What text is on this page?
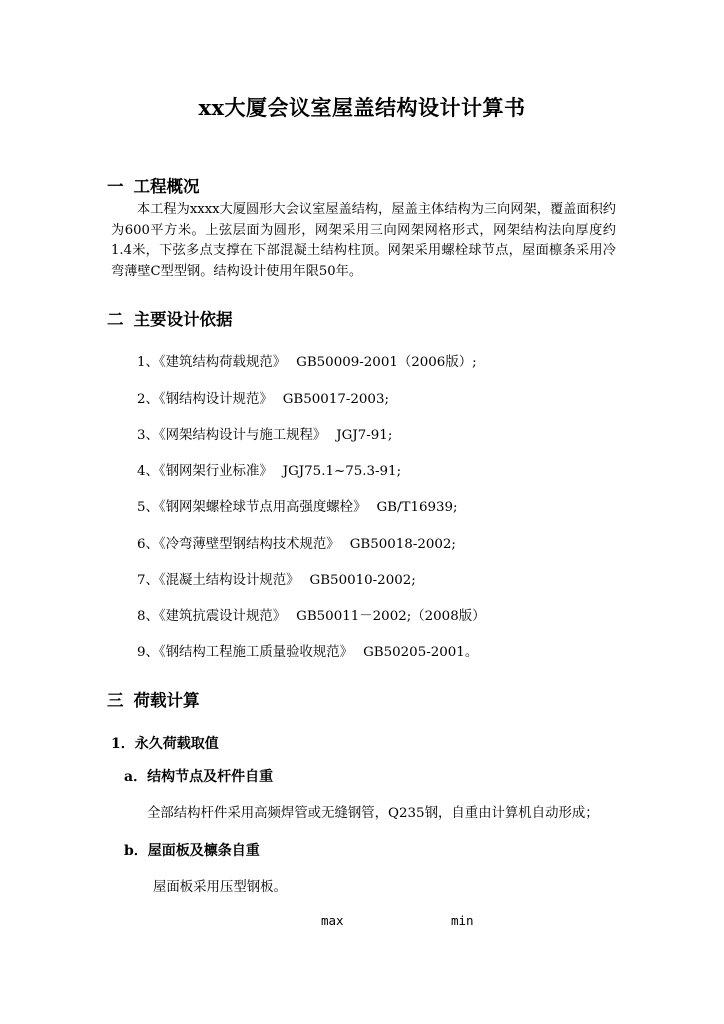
xx大厦会议室屋盖结构设计计算书
一 工程概况
本工程为xxxx大厦圆形大会议室屋盖结构，屋盖主体结构为三向网架，覆盖面积约为600平方米。上弦层面为圆形，网架采用三向网架网格形式，网架结构法向厚度约1.4米，下弦多点支撑在下部混凝土结构柱顶。网架采用螺栓球节点，屋面檩条采用冷弯薄壁C型型钢。结构设计使用年限50年。
二 主要设计依据
1、《建筑结构荷载规范》 GB50009-2001（2006版）;
2、《钢结构设计规范》 GB50017-2003;
3、《网架结构设计与施工规程》 JGJ7-91;
4、《钢网架行业标准》 JGJ75.1~75.3-91;
5、《钢网架螺栓球节点用高强度螺栓》 GB/T16939;
6、《冷弯薄壁型钢结构技术规范》 GB50018-2002;
7、《混凝土结构设计规范》 GB50010-2002;
8、《建筑抗震设计规范》 GB50011－2002;（2008版）
9、《钢结构工程施工质量验收规范》 GB50205-2001。
三 荷载计算
1．永久荷载取值
a．结构节点及杆件自重
全部结构杆件采用高频焊管或无缝钢管，Q235钢，自重由计算机自动形成；
b．屋面板及檩条自重
屋面板采用压型钢板。
max	min
